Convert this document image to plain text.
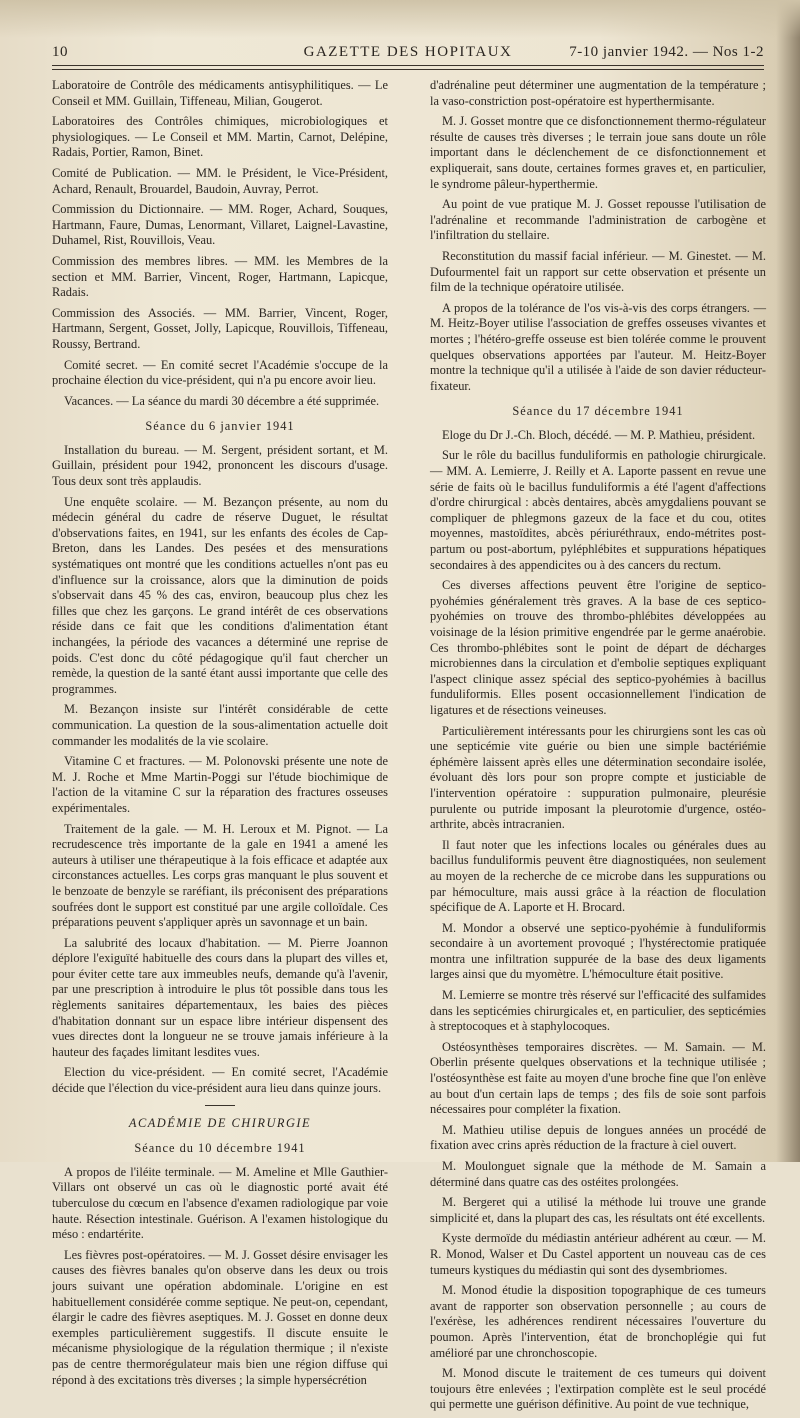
10	GAZETTE DES HOPITAUX	7-10 janvier 1942. — Nos 1-2

Laboratoire de Contrôle des médicaments antisyphilitiques. — Le Conseil et MM. Guillain, Tiffeneau, Milian, Gougerot.

Laboratoires des Contrôles chimiques, microbiologiques et physiologiques. — Le Conseil et MM. Martin, Carnot, Delépine, Radais, Portier, Ramon, Binet.

Comité de Publication. — MM. le Président, le Vice-Président, Achard, Renault, Brouardel, Baudoin, Auvray, Perrot.

Commission du Dictionnaire. — MM. Roger, Achard, Souques, Hartmann, Faure, Dumas, Lenormant, Villaret, Laignel-Lavastine, Duhamel, Rist, Rouvillois, Veau.

Commission des membres libres. — MM. les Membres de la section et MM. Barrier, Vincent, Roger, Hartmann, Lapicque, Radais.

Commission des Associés. — MM. Barrier, Vincent, Roger, Hartmann, Sergent, Gosset, Jolly, Lapicque, Rouvillois, Tiffeneau, Roussy, Bertrand.

Comité secret. — En comité secret l'Académie s'occupe de la prochaine élection du vice-président, qui n'a pu encore avoir lieu.

Vacances. — La séance du mardi 30 décembre a été supprimée.

Séance du 6 janvier 1941

Installation du bureau. — M. Sergent, président sortant, et M. Guillain, président pour 1942, prononcent les discours d'usage. Tous deux sont très applaudis.

Une enquête scolaire. — M. Bezançon présente, au nom du médecin général du cadre de réserve Duguet, le résultat d'observations faites, en 1941, sur les enfants des écoles de Cap-Breton, dans les Landes. Des pesées et des mensurations systématiques ont montré que les conditions actuelles n'ont pas eu d'influence sur la croissance, alors que la diminution de poids s'observait dans 45 % des cas, environ, beaucoup plus chez les filles que chez les garçons. Le grand intérêt de ces observations réside dans ce fait que les conditions d'alimentation étant inchangées, la période des vacances a déterminé une reprise de poids. C'est donc du côté pédagogique qu'il faut chercher un remède, la question de la santé étant aussi importante que celle des programmes.

M. Bezançon insiste sur l'intérêt considérable de cette communication. La question de la sous-alimentation actuelle doit commander les modalités de la vie scolaire.

Vitamine C et fractures. — M. Polonovski présente une note de M. J. Roche et Mme Martin-Poggi sur l'étude biochimique de l'action de la vitamine C sur la réparation des fractures osseuses expérimentales.

Traitement de la gale. — M. H. Leroux et M. Pignot. — La recrudescence très importante de la gale en 1941 a amené les auteurs à utiliser une thérapeutique à la fois efficace et adaptée aux circonstances actuelles. Les corps gras manquant le plus souvent et le benzoate de benzyle se raréfiant, ils préconisent des préparations soufrées dont le support est constitué par une argile colloïdale. Ces préparations peuvent s'appliquer après un savonnage et un bain.

La salubrité des locaux d'habitation. — M. Pierre Joannon déplore l'exiguïté habituelle des cours dans la plupart des villes et, pour éviter cette tare aux immeubles neufs, demande qu'à l'avenir, par une prescription à introduire le plus tôt possible dans tous les règlements sanitaires départementaux, les baies des pièces d'habitation donnant sur un espace libre intérieur dispensent des vues directes dont la longueur ne se trouve jamais inférieure à la hauteur des façades limitant lesdites vues.

Election du vice-président. — En comité secret, l'Académie décide que l'élection du vice-président aura lieu dans quinze jours.

ACADÉMIE DE CHIRURGIE
Séance du 10 décembre 1941

A propos de l'iléite terminale. — M. Ameline et Mlle Gauthier-Villars ont observé un cas où le diagnostic porté avait été tuberculose du cœcum en l'absence d'examen radiologique par voie haute. Résection intestinale. Guérison. A l'examen histologique du méso : endartérite.

Les fièvres post-opératoires. — M. J. Gosset désire envisager les causes des fièvres banales qu'on observe dans les deux ou trois jours suivant une opération abdominale. L'origine en est habituellement considérée comme septique. Ne peut-on, cependant, élargir le cadre des fièvres aseptiques. M. J. Gosset en donne deux exemples particulièrement suggestifs. Il discute ensuite le mécanisme physiologique de la régulation thermique ; il n'existe pas de centre thermorégulateur mais bien une région diffuse qui répond à des excitations très diverses ; la simple hypersécrétion

d'adrénaline peut déterminer une augmentation de la température ; la vaso-constriction post-opératoire est hyperthermisante.

M. J. Gosset montre que ce disfonctionnement thermo-régulateur résulte de causes très diverses ; le terrain joue sans doute un rôle important dans le déclenchement de ce disfonctionnement et expliquerait, sans doute, certaines formes graves et, en particulier, le syndrome pâleur-hyperthermie.

Au point de vue pratique M. J. Gosset repousse l'utilisation de l'adrénaline et recommande l'administration de carbogène et l'infiltration du stellaire.

Reconstitution du massif facial inférieur. — M. Ginestet. — M. Dufourmentel fait un rapport sur cette observation et présente un film de la technique opératoire utilisée.

A propos de la tolérance de l'os vis-à-vis des corps étrangers. — M. Heitz-Boyer utilise l'association de greffes osseuses vivantes et mortes ; l'hétéro-greffe osseuse est bien tolérée comme le prouvent quelques observations apportées par l'auteur. M. Heitz-Boyer montre la technique qu'il a utilisée à l'aide de son davier réducteur-fixateur.

Séance du 17 décembre 1941

Eloge du Dr J.-Ch. Bloch, décédé. — M. P. Mathieu, président.

Sur le rôle du bacillus funduliformis en pathologie chirurgicale. — MM. A. Lemierre, J. Reilly et A. Laporte passent en revue une série de faits où le bacillus funduliformis a été l'agent d'affections d'ordre chirurgical : abcès dentaires, abcès amygdaliens pouvant se compliquer de phlegmons gazeux de la face et du cou, otites moyennes, mastoïdites, abcès périuréthraux, endo-métrites post-partum ou post-abortum, pyléphlébites et suppurations hépatiques secondaires à des appendicites ou à des cancers du rectum.

Ces diverses affections peuvent être l'origine de septico-pyohémies généralement très graves. A la base de ces septico-pyohémies on trouve des thrombo-phlébites développées au voisinage de la lésion primitive engendrée par le germe anaérobie. Ces thrombo-phlébites sont le point de départ de décharges microbiennes dans la circulation et d'embolie septiques expliquant l'aspect clinique assez spécial des septico-pyohémies à bacillus funduliformis. Elles posent occasionnellement l'indication de ligatures et de résections veineuses.

Particulièrement intéressants pour les chirurgiens sont les cas où une septicémie vite guérie ou bien une simple bactériémie éphémère laissent après elles une détermination secondaire isolée, évoluant dès lors pour son propre compte et justiciable de l'intervention opératoire : suppuration pulmonaire, pleurésie purulente ou putride imposant la pleurotomie d'urgence, ostéo-arthrite, abcès intracranien.

Il faut noter que les infections locales ou générales dues au bacillus funduliformis peuvent être diagnostiquées, non seulement au moyen de la recherche de ce microbe dans les suppurations ou par hémoculture, mais aussi grâce à la réaction de floculation spécifique de A. Laporte et H. Brocard.

M. Mondor a observé une septico-pyohémie à funduliformis secondaire à un avortement provoqué ; l'hystérectomie pratiquée montra une infiltration suppurée de la base des deux ligaments larges ainsi que du myomètre. L'hémoculture était positive.

M. Lemierre se montre très réservé sur l'efficacité des sulfamides dans les septicémies chirurgicales et, en particulier, des septicémies à streptocoques et à staphylocoques.

Ostéosynthèses temporaires discrètes. — M. Samain. — M. Oberlin présente quelques observations et la technique utilisée ; l'ostéosynthèse est faite au moyen d'une broche fine que l'on enlève au bout d'un certain laps de temps ; des fils de soie sont parfois nécessaires pour compléter la fixation.

M. Mathieu utilise depuis de longues années un procédé de fixation avec crins après réduction de la fracture à ciel ouvert.

M. Moulonguet signale que la méthode de M. Samain a déterminé dans quatre cas des ostéites prolongées.

M. Bergeret qui a utilisé la méthode lui trouve une grande simplicité et, dans la plupart des cas, les résultats ont été excellents.

Kyste dermoïde du médiastin antérieur adhérent au cœur. — M. R. Monod, Walser et Du Castel apportent un nouveau cas de ces tumeurs kystiques du médiastin qui sont des dysembriomes.

M. Monod étudie la disposition topographique de ces tumeurs avant de rapporter son observation personnelle ; au cours de l'exérèse, les adhérences rendirent nécessaires l'ouverture du poumon. Après l'intervention, état de bronchoplégie qui fut amélioré par une chronchoscopie.

M. Monod discute le traitement de ces tumeurs qui doivent toujours être enlevées ; l'extirpation complète est le seul procédé qui permette une guérison définitive. Au point de vue technique,
